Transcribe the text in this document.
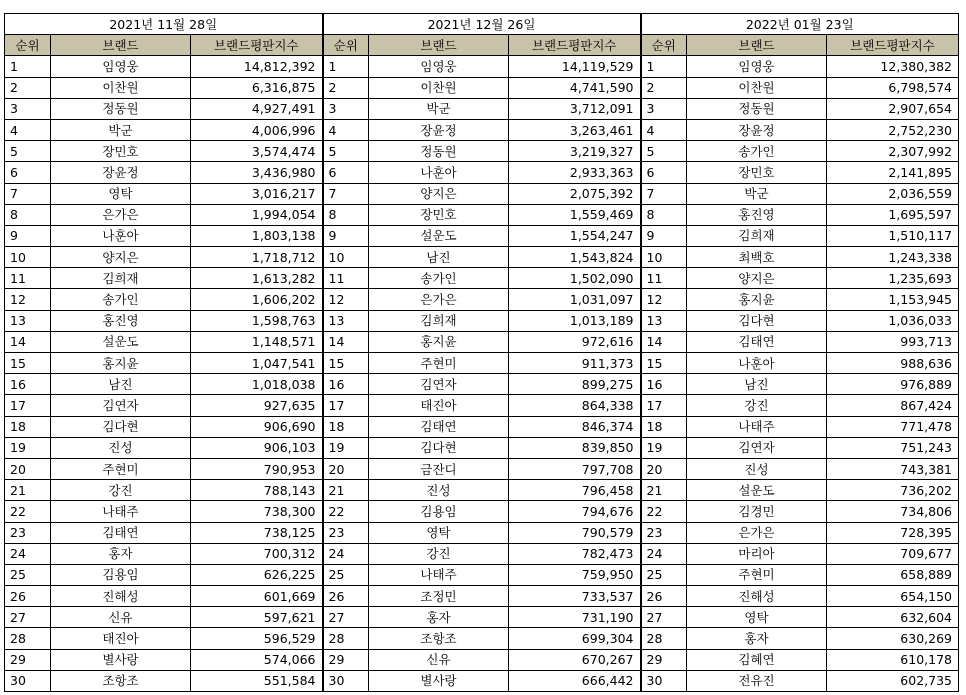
2021년 11월 28일			2021년 12월 26일			2022년 01월 23일		
순위	브랜드	브랜드평판지수	순위	브랜드	브랜드평판지수	순위	브랜드	브랜드평판지수
1	임영웅	14,812,392	1	임영웅	14,119,529	1	임영웅	12,380,382
2	이찬원	6,316,875	2	이찬원	4,741,590	2	이찬원	6,798,574
3	정동원	4,927,491	3	박군	3,712,091	3	정동원	2,907,654
4	박군	4,006,996	4	장윤정	3,263,461	4	장윤정	2,752,230
5	장민호	3,574,474	5	정동원	3,219,327	5	송가인	2,307,992
6	장윤정	3,436,980	6	나훈아	2,933,363	6	장민호	2,141,895
7	영탁	3,016,217	7	양지은	2,075,392	7	박군	2,036,559
8	은가은	1,994,054	8	장민호	1,559,469	8	홍진영	1,695,597
9	나훈아	1,803,138	9	설운도	1,554,247	9	김희재	1,510,117
10	양지은	1,718,712	10	남진	1,543,824	10	최백호	1,243,338
11	김희재	1,613,282	11	송가인	1,502,090	11	양지은	1,235,693
12	송가인	1,606,202	12	은가은	1,031,097	12	홍지윤	1,153,945
13	홍진영	1,598,763	13	김희재	1,013,189	13	김다현	1,036,033
14	설운도	1,148,571	14	홍지윤	972,616	14	김태연	993,713
15	홍지윤	1,047,541	15	주현미	911,373	15	나훈아	988,636
16	남진	1,018,038	16	김연자	899,275	16	남진	976,889
17	김연자	927,635	17	태진아	864,338	17	강진	867,424
18	김다현	906,690	18	김태연	846,374	18	나태주	771,478
19	진성	906,103	19	김다현	839,850	19	김연자	751,243
20	주현미	790,953	20	금잔디	797,708	20	진성	743,381
21	강진	788,143	21	진성	796,458	21	설운도	736,202
22	나태주	738,300	22	김용임	794,676	22	김경민	734,806
23	김태연	738,125	23	영탁	790,579	23	은가은	728,395
24	홍자	700,312	24	강진	782,473	24	마리아	709,677
25	김용임	626,225	25	나태주	759,950	25	주현미	658,889
26	진해성	601,669	26	조정민	733,537	26	진해성	654,150
27	신유	597,621	27	홍자	731,190	27	영탁	632,604
28	태진아	596,529	28	조항조	699,304	28	홍자	630,269
29	별사랑	574,066	29	신유	670,267	29	김혜연	610,178
30	조항조	551,584	30	별사랑	666,442	30	전유진	602,735
